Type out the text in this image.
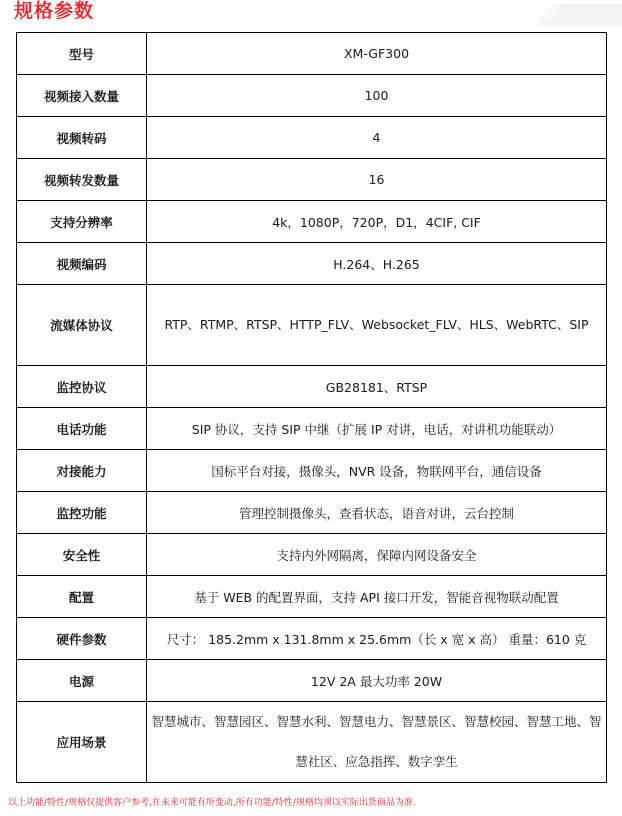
规格参数
型号	XM-GF300
视频接入数量	100
视频转码	4
视频转发数量	16
支持分辨率	4k，1080P，720P，D1，4CIF, CIF
视频编码	H.264、H.265
流媒体协议	RTP、RTMP、RTSP、HTTP_FLV、Websocket_FLV、HLS、WebRTC、SIP
监控协议	GB28181、RTSP
电话功能	SIP 协议，支持 SIP 中继（扩展 IP 对讲，电话，对讲机功能联动）
对接能力	国标平台对接，摄像头，NVR 设备，物联网平台，通信设备
监控功能	管理控制摄像头，查看状态，语音对讲，云台控制
安全性	支持内外网隔离，保障内网设备安全
配置	基于 WEB 的配置界面，支持 API 接口开发，智能音视物联动配置
硬件参数	尺寸： 185.2mm x 131.8mm x 25.6mm（长 x 宽 x 高） 重量：610 克
电源	12V 2A 最大功率 20W
应用场景	智慧城市、智慧园区、智慧水利、智慧电力、智慧景区、智慧校园、智慧工地、智慧社区、应急指挥、数字孪生

以上功能/特性/规格仅提供客户参考,在未来可能有所变动,所有功能/特性/规格均须以实际出货商品为准.
